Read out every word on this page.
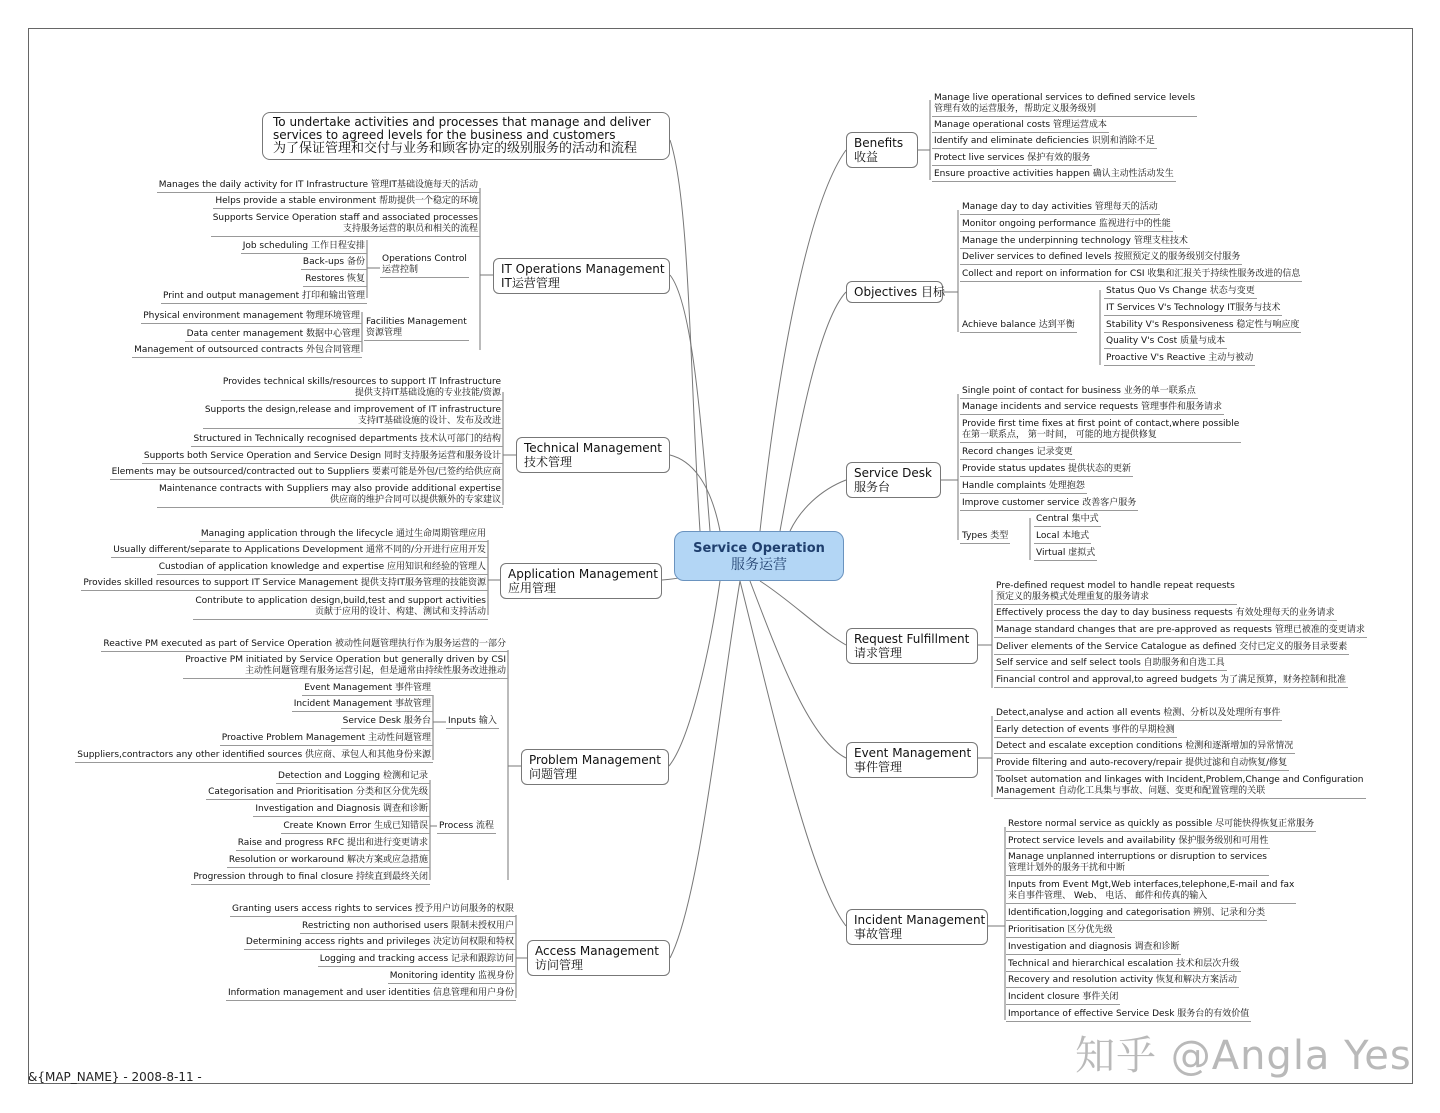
To undertake activities and processes that manage and deliver
services to agreed levels for the business and customers
为了保证管理和交付与业务和顾客协定的级别服务的活动和流程
Service Operation
服务运营
IT Operations Management
IT运营管理
Technical Management
技术管理
Application Management
应用管理
Problem Management
问题管理
Access Management
访问管理
Benefits
收益
Objectives 目标
Service Desk
服务台
Request Fulfillment
请求管理
Event Management
事件管理
Incident Management
事故管理
Manages the daily activity for IT Infrastructure 管理IT基础设施每天的活动
Helps provide a stable environment 帮助提供一个稳定的环境
Supports Service Operation staff and associated processes
支持服务运营的职员和相关的流程
Job scheduling 工作日程安排
Back-ups 备份
Restores 恢复
Print and output management 打印和输出管理
Physical environment management 物理环境管理
Data center management 数据中心管理
Management of outsourced contracts 外包合同管理
Operations Control
运营控制
Facilities Management
资源管理
Provides technical skills/resources to support IT Infrastructure
提供支持IT基础设施的专业技能/资源
Supports the design,release and improvement of IT infrastructure
支持IT基础设施的设计、发布及改进
Structured in Technically recognised departments 技术认可部门的结构
Supports both Service Operation and Service Design 同时支持服务运营和服务设计
Elements may be outsourced/contracted out to Suppliers 要素可能是外包/已签约给供应商
Maintenance contracts with Suppliers may also provide additional expertise
供应商的维护合同可以提供额外的专家建议
Managing application through the lifecycle 通过生命周期管理应用
Usually different/separate to Applications Development 通常不同的/分开进行应用开发
Custodian of application knowledge and expertise 应用知识和经验的管理人
Provides skilled resources to support IT Service Management 提供支持IT服务管理的技能资源
Contribute to application design,build,test and support activities
贡献于应用的设计、构建、测试和支持活动
Reactive PM executed as part of Service Operation 被动性问题管理执行作为服务运营的一部分
Proactive PM initiated by Service Operation but generally driven by CSI
主动性问题管理有服务运营引起，但是通常由持续性服务改进推动
Event Management 事件管理
Incident Management 事故管理
Service Desk 服务台
Proactive Problem Management 主动性问题管理
Suppliers,contractors any other identified sources 供应商、承包人和其他身份来源
Detection and Logging 检测和记录
Categorisation and Prioritisation 分类和区分优先级
Investigation and Diagnosis 调查和诊断
Create Known Error 生成已知错误
Raise and progress RFC 提出和进行变更请求
Resolution or workaround 解决方案或应急措施
Progression through to final closure 持续直到最终关闭
Inputs 输入
Process 流程
Granting users access rights to services 授予用户访问服务的权限
Restricting non authorised users 限制未授权用户
Determining access rights and privileges 决定访问权限和特权
Logging and tracking access 记录和跟踪访问
Monitoring identity 监视身份
Information management and user identities 信息管理和用户身份
Manage live operational services to defined service levels
管理有效的运营服务，帮助定义服务级别
Manage operational costs 管理运营成本
Identify and eliminate deficiencies 识别和消除不足
Protect live services 保护有效的服务
Ensure proactive activities happen 确认主动性活动发生
Manage day to day activities 管理每天的活动
Monitor ongoing performance 监视进行中的性能
Manage the underpinning technology 管理支柱技术
Deliver services to defined levels 按照预定义的服务级别交付服务
Collect and report on information for CSI 收集和汇报关于持续性服务改进的信息
Status Quo Vs Change 状态与变更
IT Services V's Technology IT服务与技术
Stability V's Responsiveness 稳定性与响应度
Quality V's Cost 质量与成本
Proactive V's Reactive 主动与被动
Achieve balance 达到平衡
Single point of contact for business 业务的单一联系点
Manage incidents and service requests 管理事件和服务请求
Provide first time fixes at first point of contact,where possible
在第一联系点， 第一时间， 可能的地方提供修复
Record changes 记录变更
Provide status updates 提供状态的更新
Handle complaints 处理抱怨
Improve customer service 改善客户服务
Central 集中式
Local 本地式
Virtual 虚拟式
Types 类型
Pre-defined request model to handle repeat requests
预定义的服务模式处理重复的服务请求
Effectively process the day to day business requests 有效处理每天的业务请求
Manage standard changes that are pre-approved as requests 管理已被准的变更请求
Deliver elements of the Service Catalogue as defined 交付已定义的服务目录要素
Self service and self select tools 自助服务和自选工具
Financial control and approval,to agreed budgets 为了满足预算，财务控制和批准
Detect,analyse and action all events 检测、分析以及处理所有事件
Early detection of events 事件的早期检测
Detect and escalate exception conditions 检测和逐渐增加的异常情况
Provide filtering and auto-recovery/repair 提供过滤和自动恢复/修复
Toolset automation and linkages with Incident,Problem,Change and Configuration
Management 自动化工具集与事故、问题、变更和配置管理的关联
Restore normal service as quickly as possible 尽可能快得恢复正常服务
Protect service levels and availability 保护服务级别和可用性
Manage unplanned interruptions or disruption to services
管理计划外的服务干扰和中断
Inputs from Event Mgt,Web interfaces,telephone,E-mail and fax
来自事件管理、 Web、 电话、 邮件和传真的输入
Identification,logging and categorisation 辨别、记录和分类
Prioritisation 区分优先级
Investigation and diagnosis 调查和诊断
Technical and hierarchical escalation 技术和层次升级
Recovery and resolution activity 恢复和解决方案活动
Incident closure 事件关闭
Importance of effective Service Desk 服务台的有效价值
知乎 @Angla Yes
&{MAP_NAME} - 2008-8-11 -
